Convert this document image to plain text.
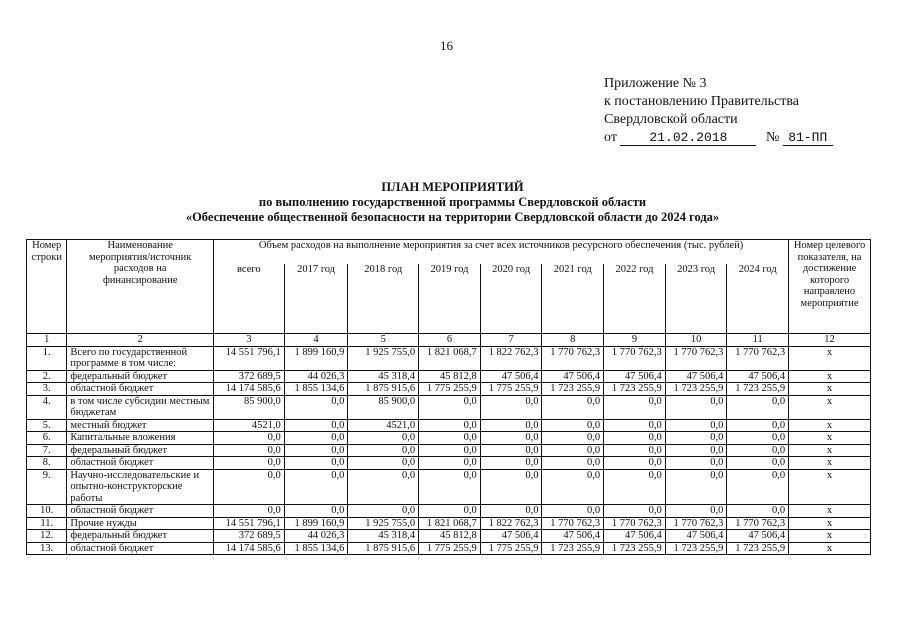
16
Приложение № 3
к постановлению Правительства
Свердловской области
от 21.02.2018	№ 81-ПП
ПЛАН МЕРОПРИЯТИЙ
по выполнению государственной программы Свердловской области
«Обеспечение общественной безопасности на территории Свердловской области до 2024 года»
Номер строки	Наименование мероприятия/источник расходов на финансирование	Объем расходов на выполнение мероприятия за счет всех источников ресурсного обеспечения (тыс. рублей)									Номер целевого показателя, на достижение которого направлено мероприятие
		всего	2017 год	2018 год	2019 год	2020 год	2021 год	2022 год	2023 год	2024 год	
1	2	3	4	5	6	7	8	9	10	11	12
1.	Всего по государственной программе в том числе:	14 551 796,1	1 899 160,9	1 925 755,0	1 821 068,7	1 822 762,3	1 770 762,3	1 770 762,3	1 770 762,3	1 770 762,3	х
2.	федеральный бюджет	372 689,5	44 026,3	45 318,4	45 812,8	47 506,4	47 506,4	47 506,4	47 506,4	47 506,4	х
3.	областной бюджет	14 174 585,6	1 855 134,6	1 875 915,6	1 775 255,9	1 775 255,9	1 723 255,9	1 723 255,9	1 723 255,9	1 723 255,9	х
4.	в том числе субсидии местным бюджетам	85 900,0	0,0	85 900,0	0,0	0,0	0,0	0,0	0,0	0,0	х
5.	местный бюджет	4521,0	0,0	4521,0	0,0	0,0	0,0	0,0	0,0	0,0	х
6.	Капитальные вложения	0,0	0,0	0,0	0,0	0,0	0,0	0,0	0,0	0,0	х
7.	федеральный бюджет	0,0	0,0	0,0	0,0	0,0	0,0	0,0	0,0	0,0	х
8.	областной бюджет	0,0	0,0	0,0	0,0	0,0	0,0	0,0	0,0	0,0	х
9.	Научно-исследовательские и опытно-конструкторские работы	0,0	0,0	0,0	0,0	0,0	0,0	0,0	0,0	0,0	х
10.	областной бюджет	0,0	0,0	0,0	0,0	0,0	0,0	0,0	0,0	0,0	х
11.	Прочие нужды	14 551 796,1	1 899 160,9	1 925 755,0	1 821 068,7	1 822 762,3	1 770 762,3	1 770 762,3	1 770 762,3	1 770 762,3	х
12.	федеральный бюджет	372 689,5	44 026,3	45 318,4	45 812,8	47 506,4	47 506,4	47 506,4	47 506,4	47 506,4	х
13.	областной бюджет	14 174 585,6	1 855 134,6	1 875 915,6	1 775 255,9	1 775 255,9	1 723 255,9	1 723 255,9	1 723 255,9	1 723 255,9	х
